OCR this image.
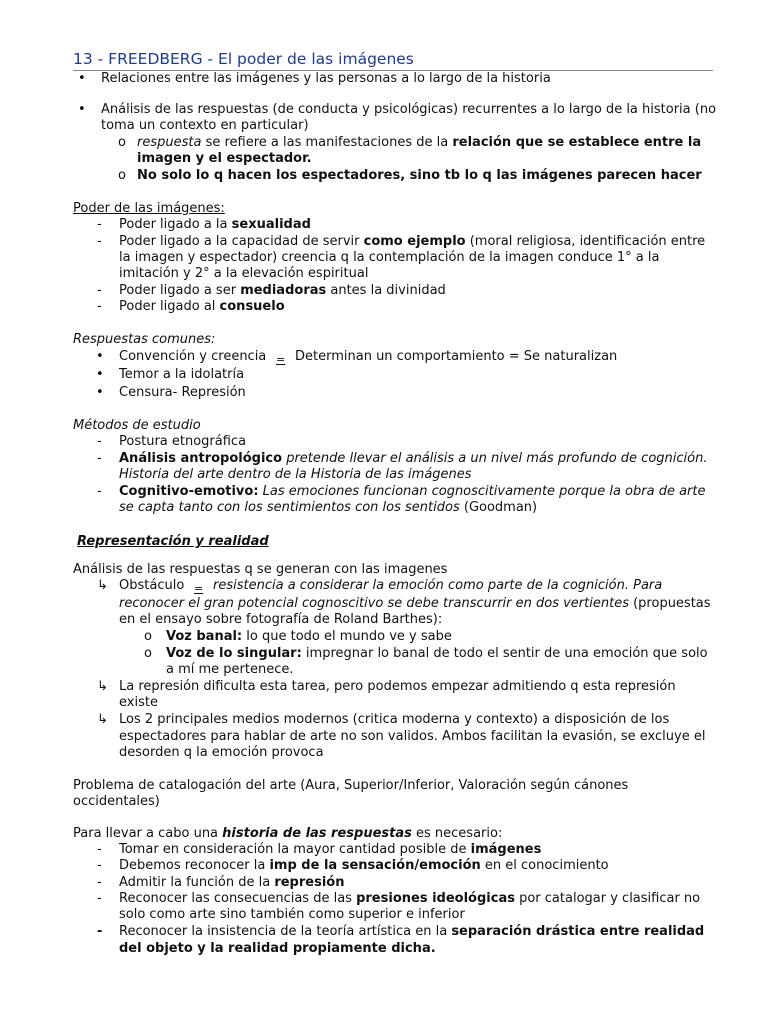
13 - FREEDBERG - El poder de las imágenes
• Relaciones entre las imágenes y las personas a lo largo de la historia
• Análisis de las respuestas (de conducta y psicológicas) recurrentes a lo largo de la historia (no
toma un contexto en particular)
o respuesta se refiere a las manifestaciones de la relación que se establece entre la
imagen y el espectador.
o No solo lo q hacen los espectadores, sino tb lo q las imágenes parecen hacer
Poder de las imágenes:
- Poder ligado a la sexualidad
- Poder ligado a la capacidad de servir como ejemplo (moral religiosa, identificación entre
la imagen y espectador) creencia q la contemplación de la imagen conduce 1° a la
imitación y 2° a la elevación espiritual
- Poder ligado a ser mediadoras antes la divinidad
- Poder ligado al consuelo
Respuestas comunes:
• Convención y creencia = Determinan un comportamiento = Se naturalizan
• Temor a la idolatría
• Censura- Represión
Métodos de estudio
- Postura etnográfica
- Análisis antropológico pretende llevar el análisis a un nivel más profundo de cognición.
Historia del arte dentro de la Historia de las imágenes
- Cognitivo-emotivo: Las emociones funcionan cognoscitivamente porque la obra de arte
se capta tanto con los sentimientos con los sentidos (Goodman)
Representación y realidad
Análisis de las respuestas q se generan con las imagenes
↳ Obstáculo = resistencia a considerar la emoción como parte de la cognición. Para
reconocer el gran potencial cognoscitivo se debe transcurrir en dos vertientes (propuestas
en el ensayo sobre fotografía de Roland Barthes):
o Voz banal: lo que todo el mundo ve y sabe
o Voz de lo singular: impregnar lo banal de todo el sentir de una emoción que solo
a mí me pertenece.
↳ La represión dificulta esta tarea, pero podemos empezar admitiendo q esta represión
existe
↳ Los 2 principales medios modernos (critica moderna y contexto) a disposición de los
espectadores para hablar de arte no son validos. Ambos facilitan la evasión, se excluye el
desorden q la emoción provoca
Problema de catalogación del arte (Aura, Superior/Inferior, Valoración según cánones
occidentales)
Para llevar a cabo una historia de las respuestas es necesario:
- Tomar en consideración la mayor cantidad posible de imágenes
- Debemos reconocer la imp de la sensación/emoción en el conocimiento
- Admitir la función de la represión
- Reconocer las consecuencias de las presiones ideológicas por catalogar y clasificar no
solo como arte sino también como superior e inferior
- Reconocer la insistencia de la teoría artística en la separación drástica entre realidad
del objeto y la realidad propiamente dicha.
